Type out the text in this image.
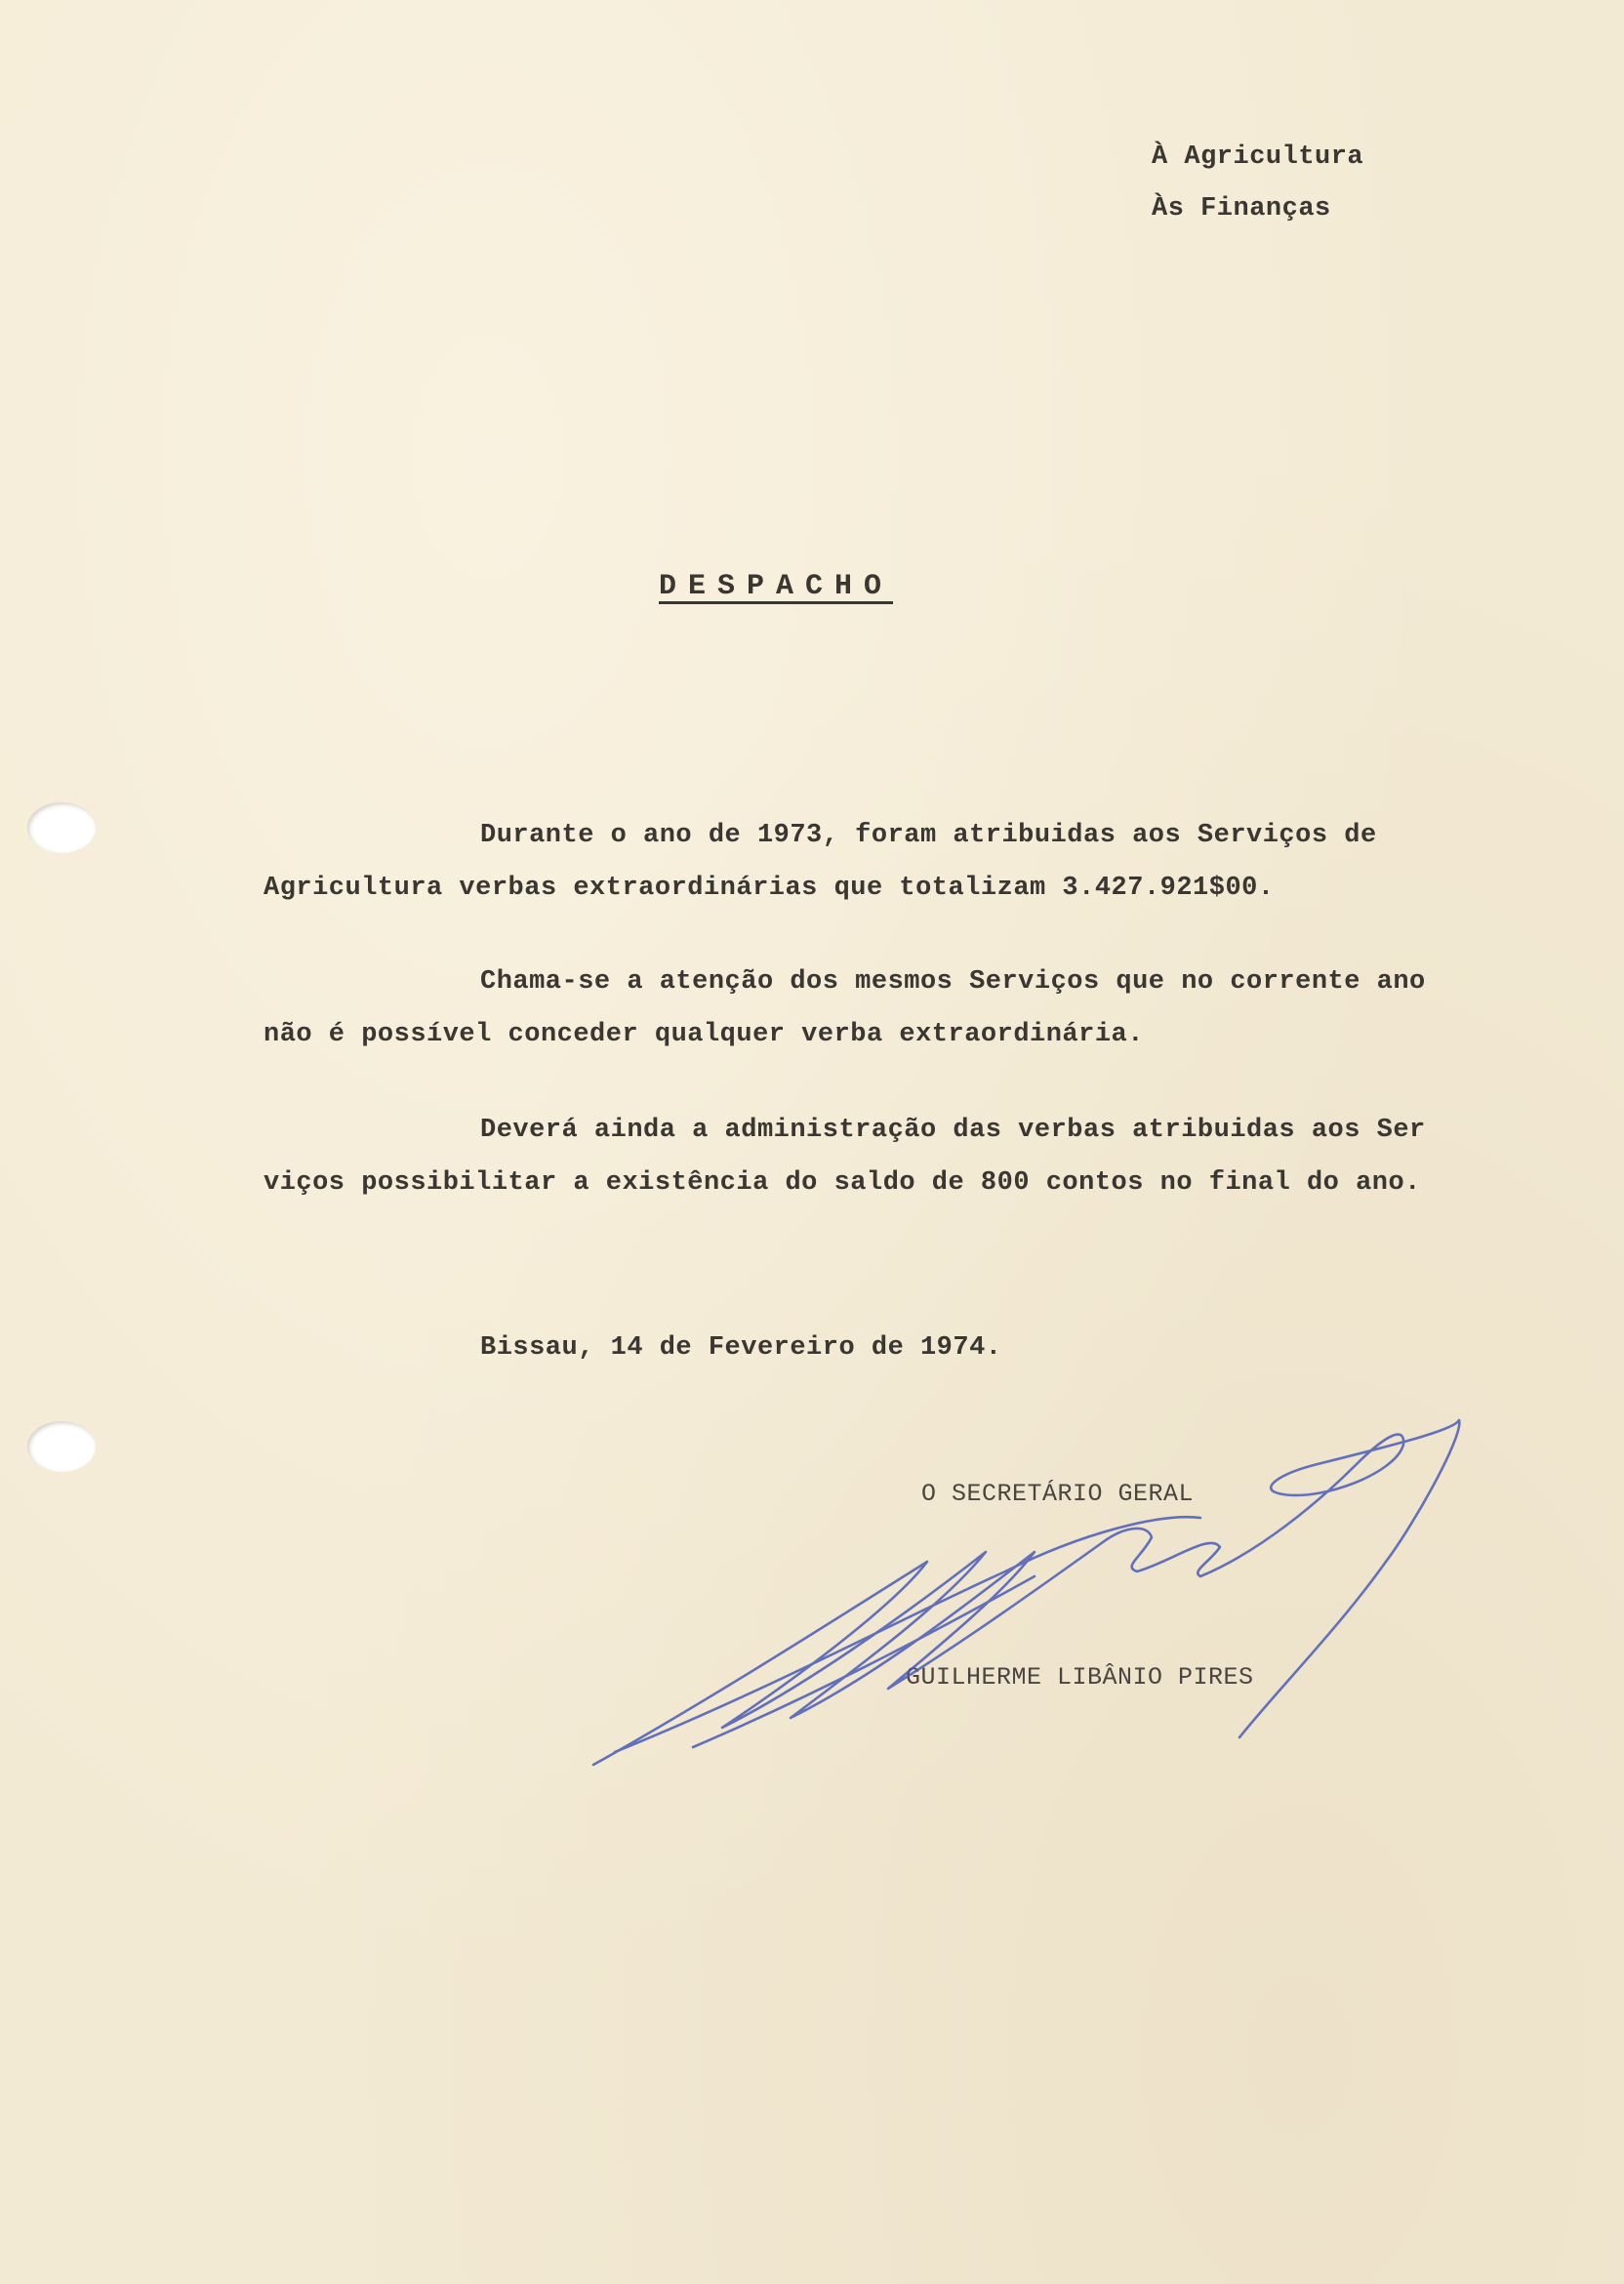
À Agricultura
Às Finanças
DESPACHO
Durante o ano de 1973, foram atribuidas aos Serviços de
Agricultura verbas extraordinárias que totalizam 3.427.921$00.
Chama-se a atenção dos mesmos Serviços que no corrente ano
não é possível conceder qualquer verba extraordinária.
Deverá ainda a administração das verbas atribuidas aos Ser
viços possibilitar a existência do saldo de 800 contos no final do ano.
Bissau, 14 de Fevereiro de 1974.
O SECRETÁRIO GERAL
GUILHERME LIBÂNIO PIRES
